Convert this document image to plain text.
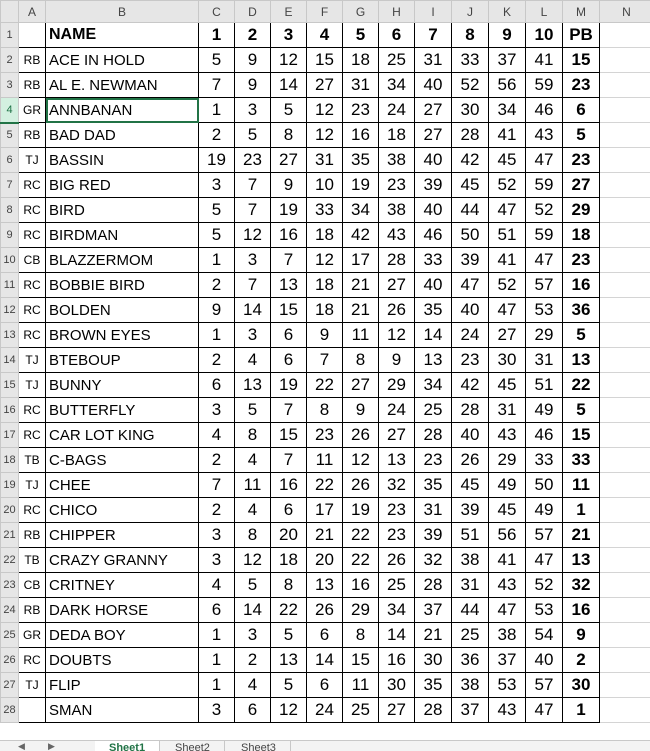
	A	B	C	D	E	F	G	H	I	J	K	L	M	N
1		NAME	1	2	3	4	5	6	7	8	9	10	PB	
2	RB	ACE IN HOLD	5	9	12	15	18	25	31	33	37	41	15	
3	RB	AL E. NEWMAN	7	9	14	27	31	34	40	52	56	59	23	
4	GR	ANNBANAN	1	3	5	12	23	24	27	30	34	46	6	
5	RB	BAD DAD	2	5	8	12	16	18	27	28	41	43	5	
6	TJ	BASSIN	19	23	27	31	35	38	40	42	45	47	23	
7	RC	BIG RED	3	7	9	10	19	23	39	45	52	59	27	
8	RC	BIRD	5	7	19	33	34	38	40	44	47	52	29	
9	RC	BIRDMAN	5	12	16	18	42	43	46	50	51	59	18	
10	CB	BLAZZERMOM	1	3	7	12	17	28	33	39	41	47	23	
11	RC	BOBBIE BIRD	2	7	13	18	21	27	40	47	52	57	16	
12	RC	BOLDEN	9	14	15	18	21	26	35	40	47	53	36	
13	RC	BROWN EYES	1	3	6	9	11	12	14	24	27	29	5	
14	TJ	BTEBOUP	2	4	6	7	8	9	13	23	30	31	13	
15	TJ	BUNNY	6	13	19	22	27	29	34	42	45	51	22	
16	RC	BUTTERFLY	3	5	7	8	9	24	25	28	31	49	5	
17	RC	CAR LOT KING	4	8	15	23	26	27	28	40	43	46	15	
18	TB	C-BAGS	2	4	7	11	12	13	23	26	29	33	33	
19	TJ	CHEE	7	11	16	22	26	32	35	45	49	50	11	
20	RC	CHICO	2	4	6	17	19	23	31	39	45	49	1	
21	RB	CHIPPER	3	8	20	21	22	23	39	51	56	57	21	
22	TB	CRAZY GRANNY	3	12	18	20	22	26	32	38	41	47	13	
23	CB	CRITNEY	4	5	8	13	16	25	28	31	43	52	32	
24	RB	DARK HORSE	6	14	22	26	29	34	37	44	47	53	16	
25	GR	DEDA BOY	1	3	5	6	8	14	21	25	38	54	9	
26	RC	DOUBTS	1	2	13	14	15	16	30	36	37	40	2	
27	TJ	FLIP	1	4	5	6	11	30	35	38	53	57	30	
28		SMAN	3	6	12	24	25	27	28	37	43	47	1	
◀	▶	Sheet1	Sheet2	Sheet3
